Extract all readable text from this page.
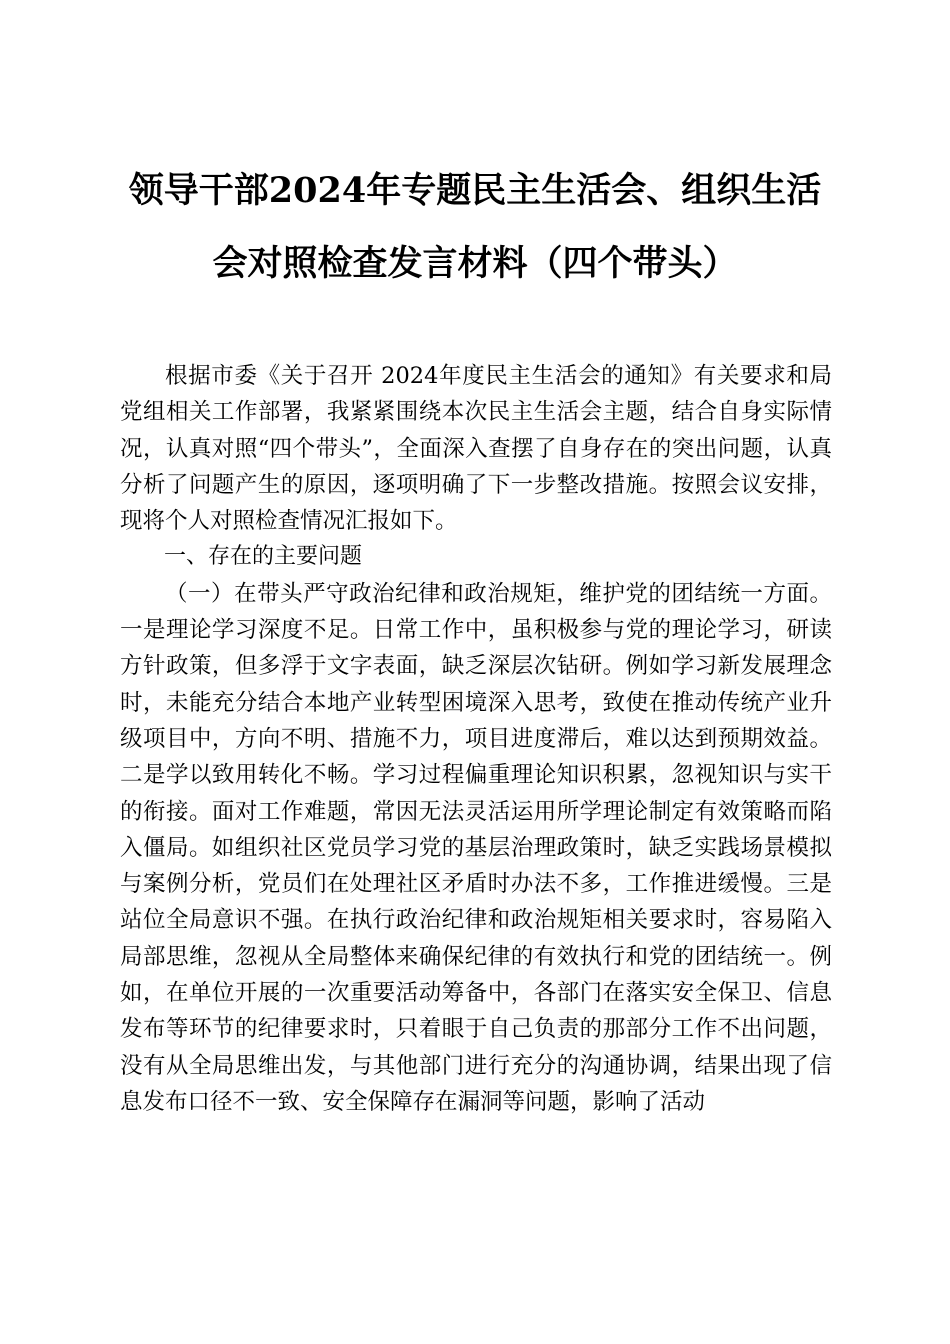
领导干部2024年专题民主生活会、组织生活
会对照检查发言材料（四个带头）

根据市委《关于召开 2024年度民主生活会的通知》有关要求和局党组相关工作部署，我紧紧围绕本次民主生活会主题，结合自身实际情况，认真对照“四个带头”，全面深入查摆了自身存在的突出问题，认真分析了问题产生的原因，逐项明确了下一步整改措施。按照会议安排，现将个人对照检查情况汇报如下。

一、存在的主要问题

（一）在带头严守政治纪律和政治规矩，维护党的团结统一方面。一是理论学习深度不足。日常工作中，虽积极参与党的理论学习，研读方针政策，但多浮于文字表面，缺乏深层次钻研。例如学习新发展理念时，未能充分结合本地产业转型困境深入思考，致使在推动传统产业升级项目中，方向不明、措施不力，项目进度滞后，难以达到预期效益。二是学以致用转化不畅。学习过程偏重理论知识积累，忽视知识与实干的衔接。面对工作难题，常因无法灵活运用所学理论制定有效策略而陷入僵局。如组织社区党员学习党的基层治理政策时，缺乏实践场景模拟与案例分析，党员们在处理社区矛盾时办法不多，工作推进缓慢。三是站位全局意识不强。在执行政治纪律和政治规矩相关要求时，容易陷入局部思维，忽视从全局整体来确保纪律的有效执行和党的团结统一。例如，在单位开展的一次重要活动筹备中，各部门在落实安全保卫、信息发布等环节的纪律要求时，只着眼于自己负责的那部分工作不出问题，没有从全局思维出发，与其他部门进行充分的沟通协调，结果出现了信息发布口径不一致、安全保障存在漏洞等问题，影响了活动
